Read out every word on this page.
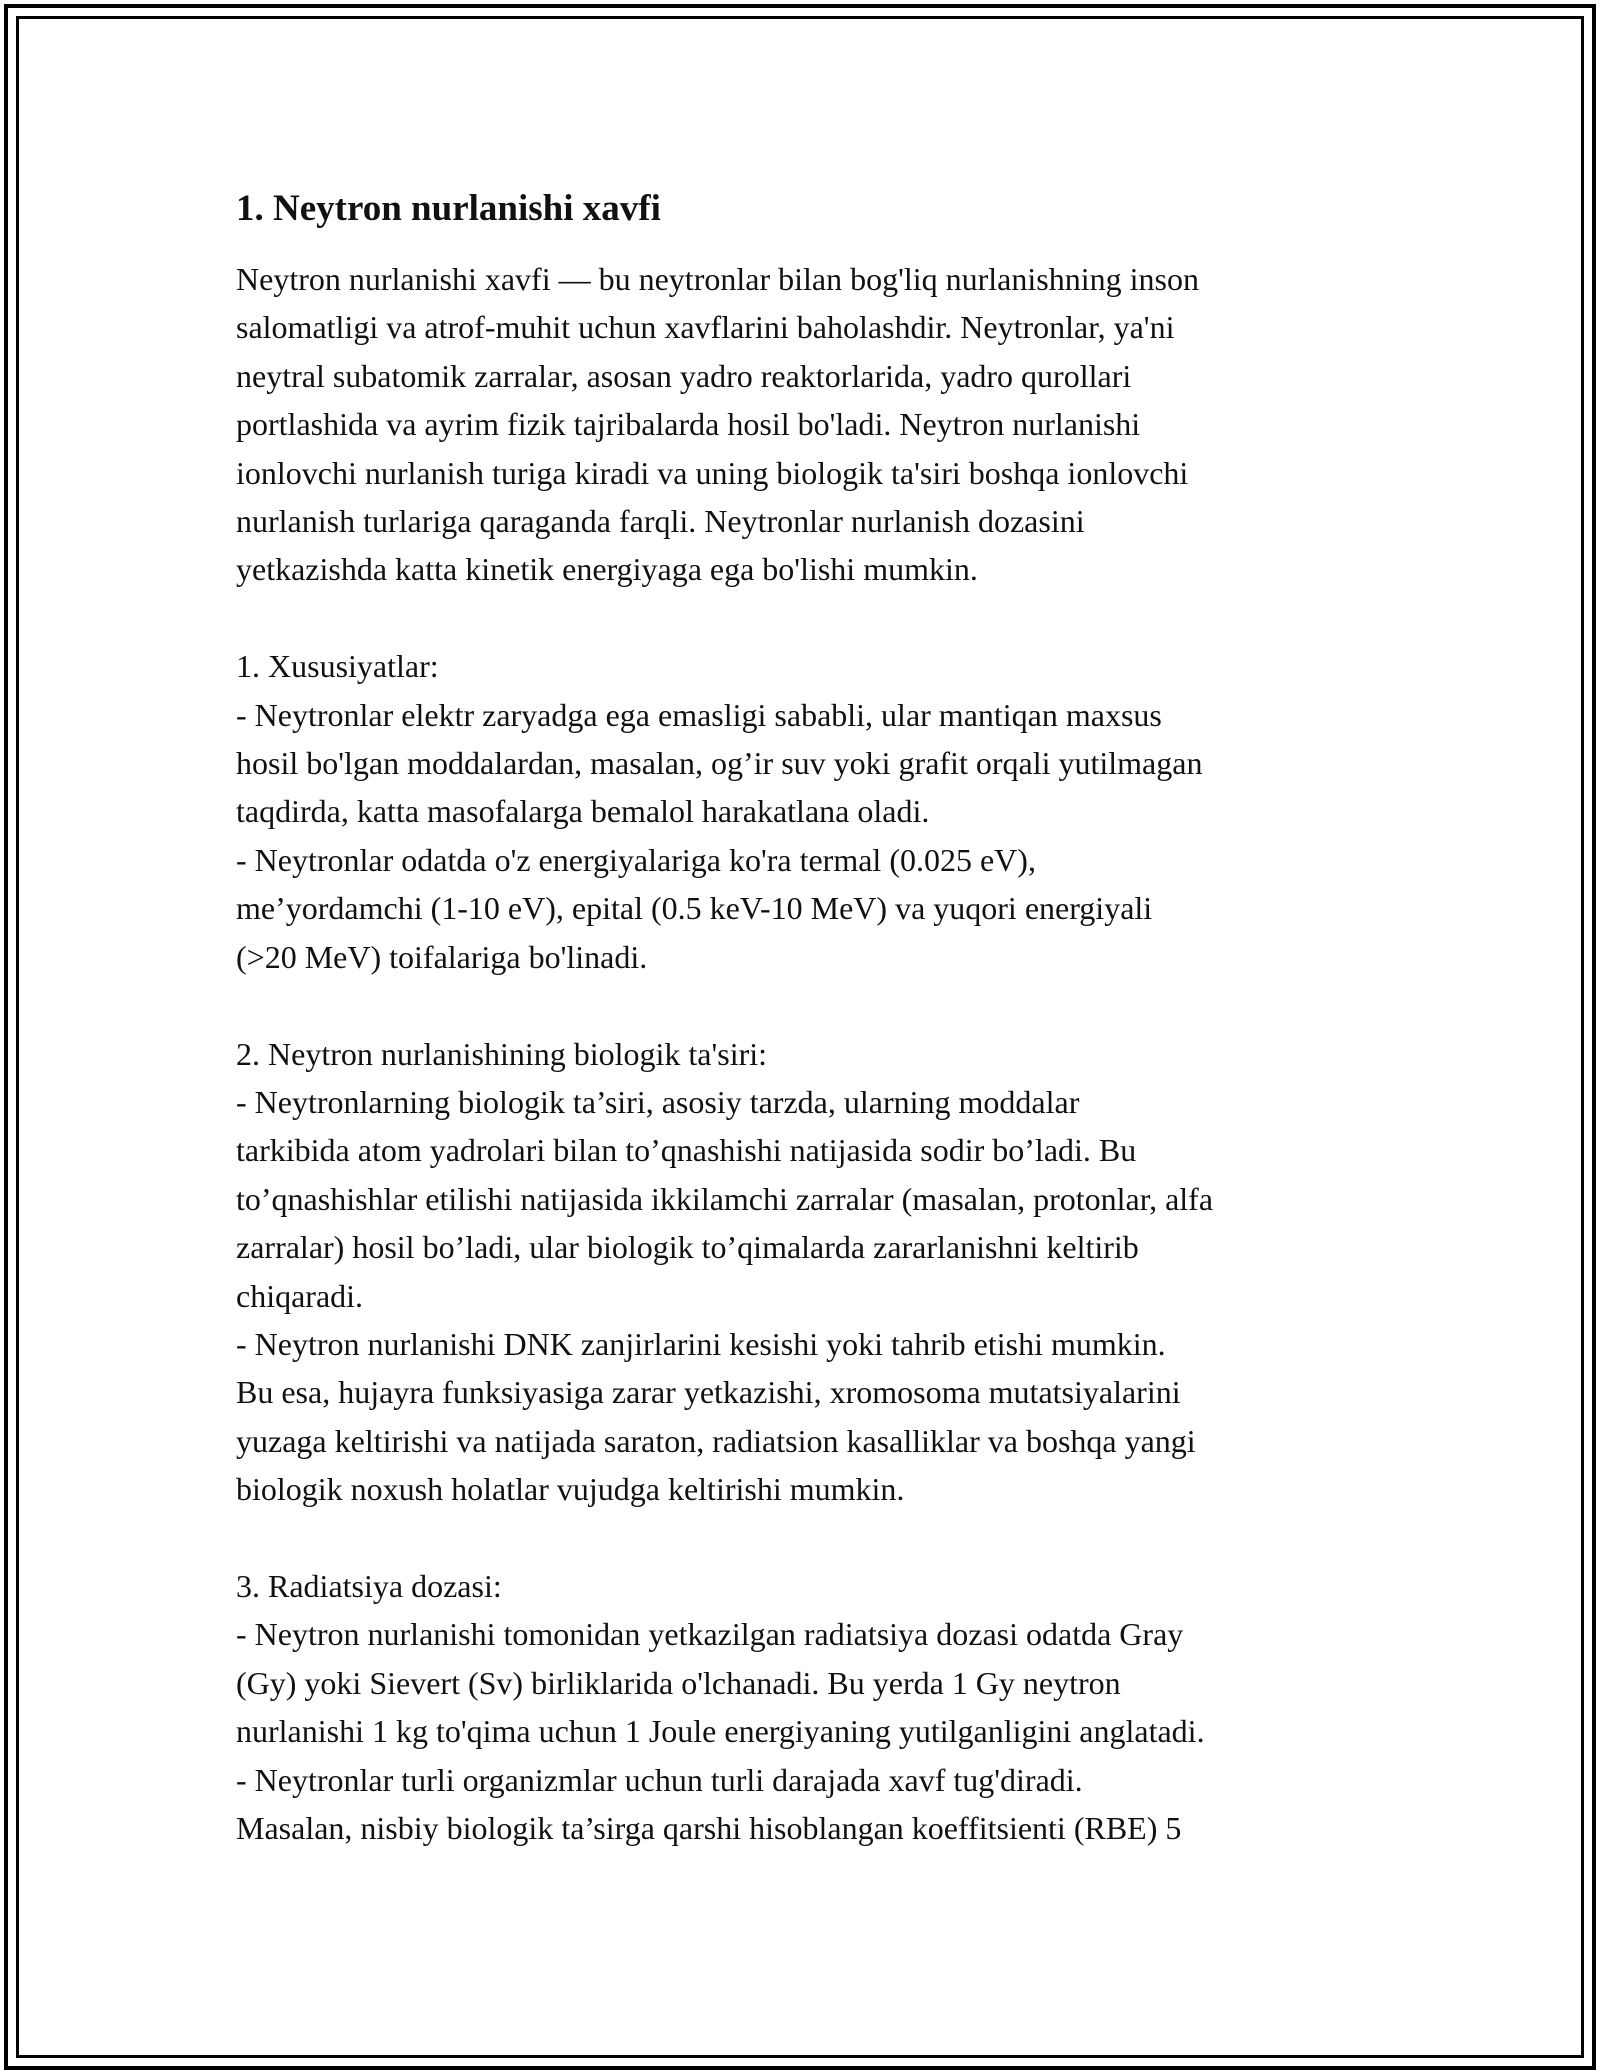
1. Neytron nurlanishi xavfi

Neytron nurlanishi xavfi — bu neytronlar bilan bog'liq nurlanishning inson
salomatligi va atrof-muhit uchun xavflarini baholashdir. Neytronlar, ya'ni
neytral subatomik zarralar, asosan yadro reaktorlarida, yadro qurollari
portlashida va ayrim fizik tajribalarda hosil bo'ladi. Neytron nurlanishi
ionlovchi nurlanish turiga kiradi va uning biologik ta'siri boshqa ionlovchi
nurlanish turlariga qaraganda farqli. Neytronlar nurlanish dozasini
yetkazishda katta kinetik energiyaga ega bo'lishi mumkin.

1. Xususiyatlar:
- Neytronlar elektr zaryadga ega emasligi sababli, ular mantiqan maxsus
hosil bo'lgan moddalardan, masalan, og’ir suv yoki grafit orqali yutilmagan
taqdirda, katta masofalarga bemalol harakatlana oladi.
- Neytronlar odatda o'z energiyalariga ko'ra termal (0.025 eV),
me’yordamchi (1-10 eV), epital (0.5 keV-10 MeV) va yuqori energiyali
(>20 MeV) toifalariga bo'linadi.

2. Neytron nurlanishining biologik ta'siri:
- Neytronlarning biologik ta’siri, asosiy tarzda, ularning moddalar
tarkibida atom yadrolari bilan to’qnashishi natijasida sodir bo’ladi. Bu
to’qnashishlar etilishi natijasida ikkilamchi zarralar (masalan, protonlar, alfa
zarralar) hosil bo’ladi, ular biologik to’qimalarda zararlanishni keltirib
chiqaradi.
- Neytron nurlanishi DNK zanjirlarini kesishi yoki tahrib etishi mumkin.
Bu esa, hujayra funksiyasiga zarar yetkazishi, xromosoma mutatsiyalarini
yuzaga keltirishi va natijada saraton, radiatsion kasalliklar va boshqa yangi
biologik noxush holatlar vujudga keltirishi mumkin.

3. Radiatsiya dozasi:
- Neytron nurlanishi tomonidan yetkazilgan radiatsiya dozasi odatda Gray
(Gy) yoki Sievert (Sv) birliklarida o'lchanadi. Bu yerda 1 Gy neytron
nurlanishi 1 kg to'qima uchun 1 Joule energiyaning yutilganligini anglatadi.
- Neytronlar turli organizmlar uchun turli darajada xavf tug'diradi.
Masalan, nisbiy biologik ta’sirga qarshi hisoblangan koeffitsienti (RBE) 5
